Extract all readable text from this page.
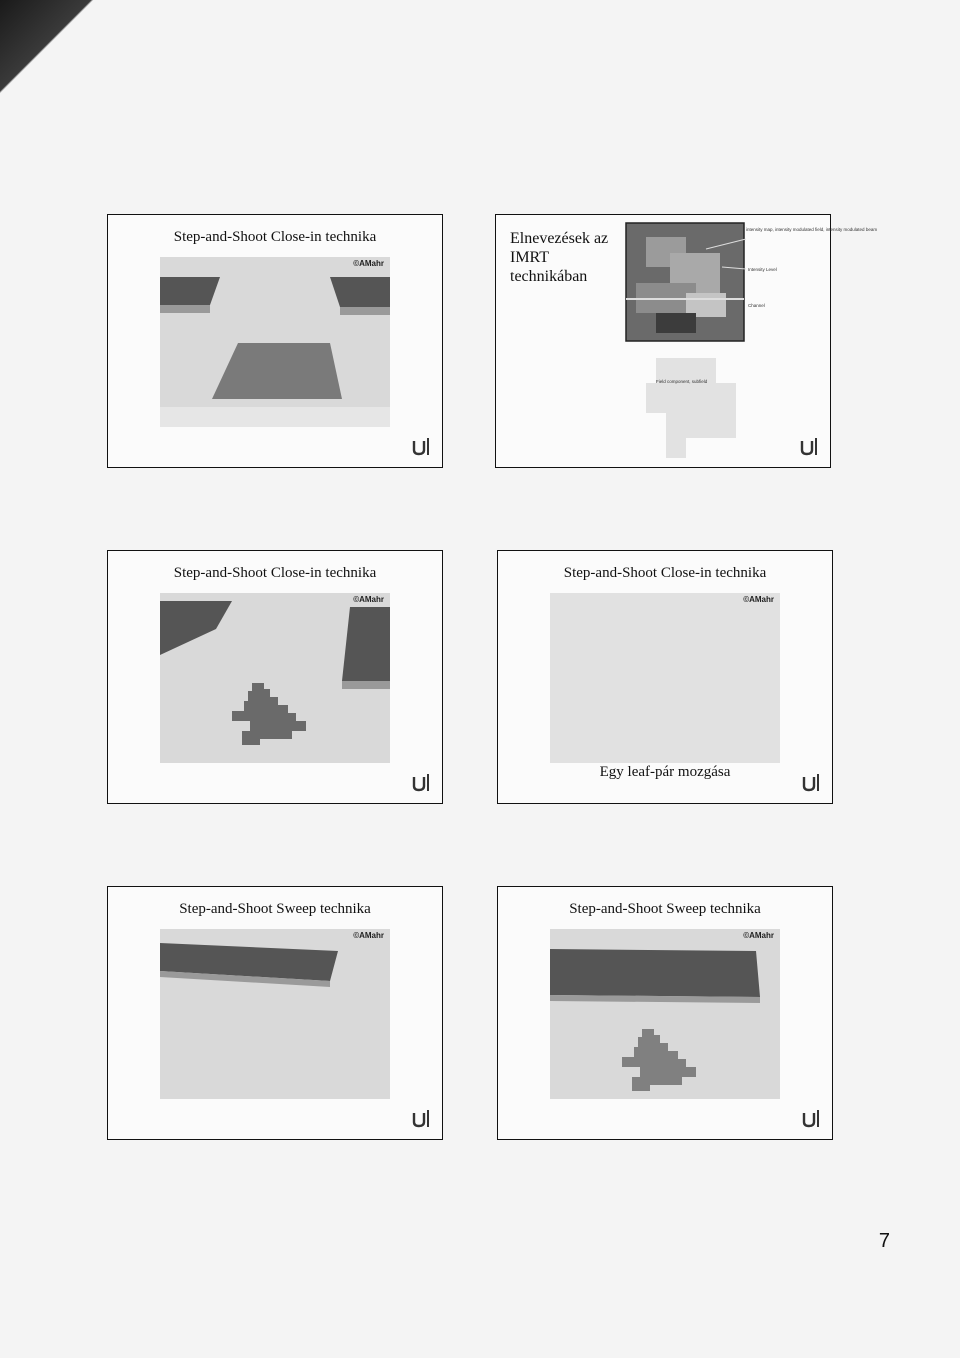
Step-and-Shoot Close-in technika
©AMahr
Elnevezések az IMRT technikában
intensity map, intensity modulated field, intensity modulated beam
Intensity Level
Channel
Field component, subfield
Step-and-Shoot Close-in technika
©AMahr
Step-and-Shoot Close-in technika
©AMahr
Egy leaf-pár mozgása
Step-and-Shoot Sweep technika
©AMahr
Step-and-Shoot Sweep technika
©AMahr
7
